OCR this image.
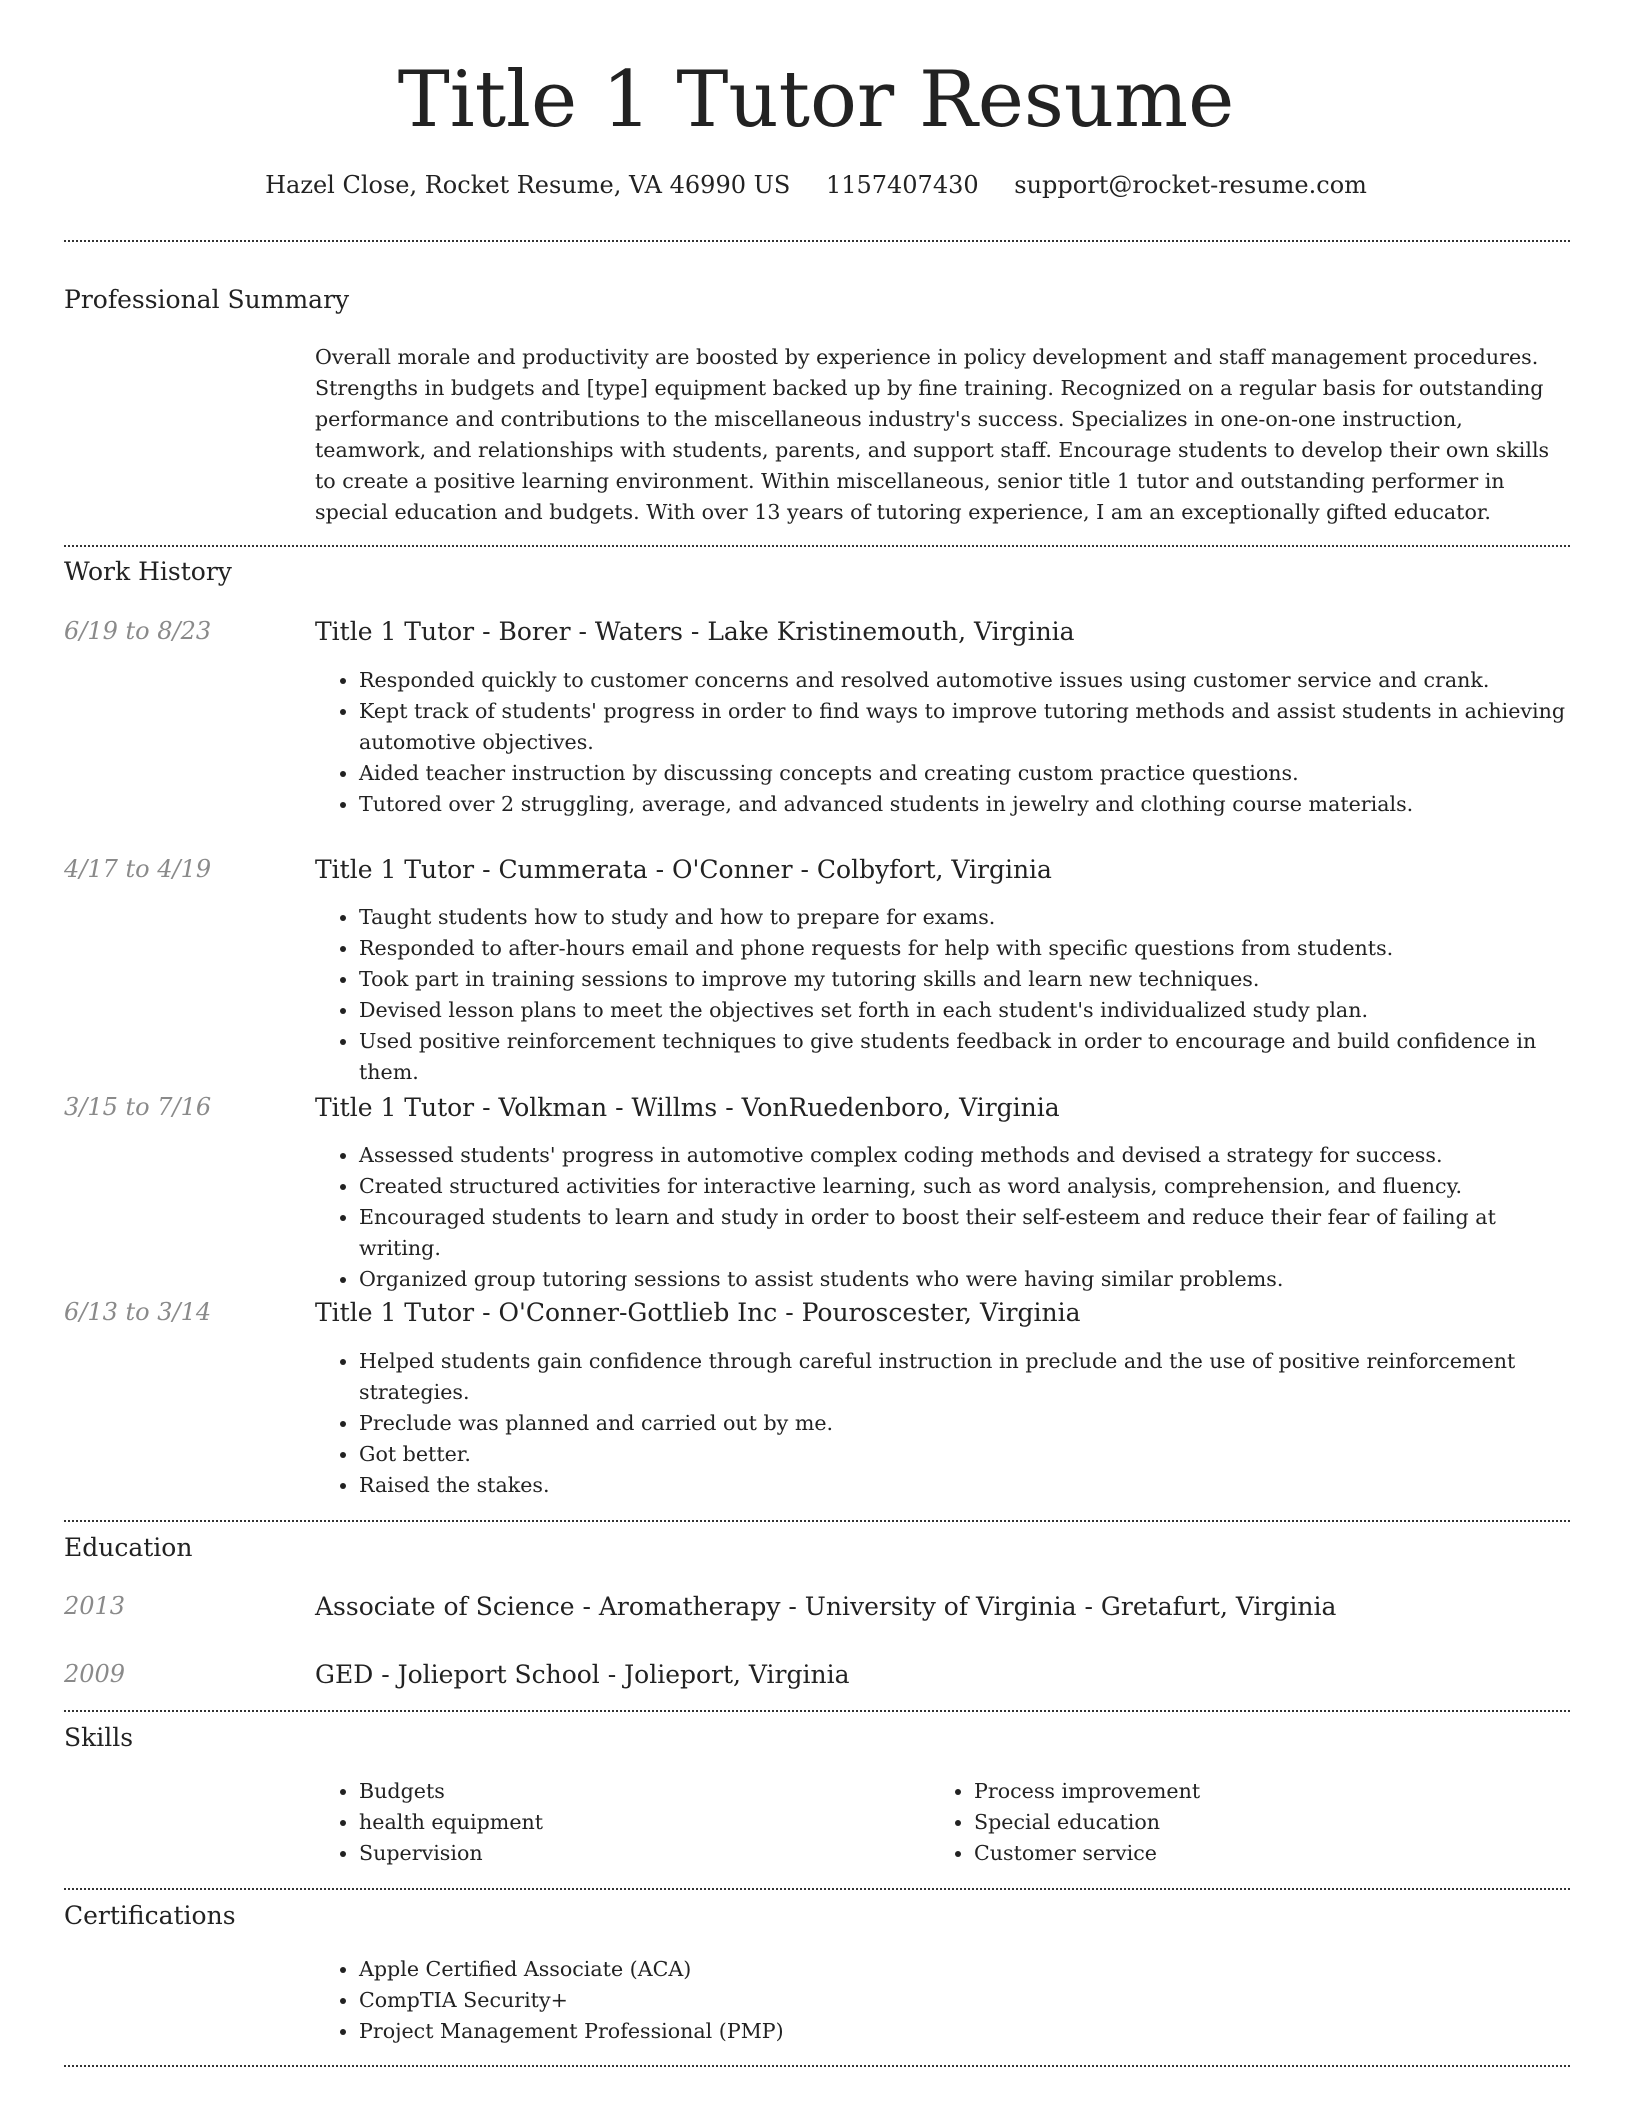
Title 1 Tutor Resume
Hazel Close, Rocket Resume, VA 46990 US 1157407430 support@rocket-resume.com
Professional Summary

Overall morale and productivity are boosted by experience in policy development and staff management procedures. Strengths in budgets and [type] equipment backed up by fine training. Recognized on a regular basis for outstanding performance and contributions to the miscellaneous industry's success. Specializes in one-on-one instruction, teamwork, and relationships with students, parents, and support staff. Encourage students to develop their own skills to create a positive learning environment. Within miscellaneous, senior title 1 tutor and outstanding performer in special education and budgets. With over 13 years of tutoring experience, I am an exceptionally gifted educator.

Work History
6/19 to 8/23	Title 1 Tutor - Borer - Waters - Lake Kristinemouth, Virginia
• Responded quickly to customer concerns and resolved automotive issues using customer service and crank.
• Kept track of students' progress in order to find ways to improve tutoring methods and assist students in achieving automotive objectives.
• Aided teacher instruction by discussing concepts and creating custom practice questions.
• Tutored over 2 struggling, average, and advanced students in jewelry and clothing course materials.
4/17 to 4/19	Title 1 Tutor - Cummerata - O'Conner - Colbyfort, Virginia
• Taught students how to study and how to prepare for exams.
• Responded to after-hours email and phone requests for help with specific questions from students.
• Took part in training sessions to improve my tutoring skills and learn new techniques.
• Devised lesson plans to meet the objectives set forth in each student's individualized study plan.
• Used positive reinforcement techniques to give students feedback in order to encourage and build confidence in them.
3/15 to 7/16	Title 1 Tutor - Volkman - Willms - VonRuedenboro, Virginia
• Assessed students' progress in automotive complex coding methods and devised a strategy for success.
• Created structured activities for interactive learning, such as word analysis, comprehension, and fluency.
• Encouraged students to learn and study in order to boost their self-esteem and reduce their fear of failing at writing.
• Organized group tutoring sessions to assist students who were having similar problems.
6/13 to 3/14	Title 1 Tutor - O'Conner-Gottlieb Inc - Pouroscester, Virginia
• Helped students gain confidence through careful instruction in preclude and the use of positive reinforcement strategies.
• Preclude was planned and carried out by me.
• Got better.
• Raised the stakes.
Education
2013	Associate of Science - Aromatherapy - University of Virginia - Gretafurt, Virginia
2009	GED - Jolieport School - Jolieport, Virginia
Skills
• Budgets
• health equipment
• Supervision
• Process improvement
• Special education
• Customer service
Certifications
• Apple Certified Associate (ACA)
• CompTIA Security+
• Project Management Professional (PMP)
